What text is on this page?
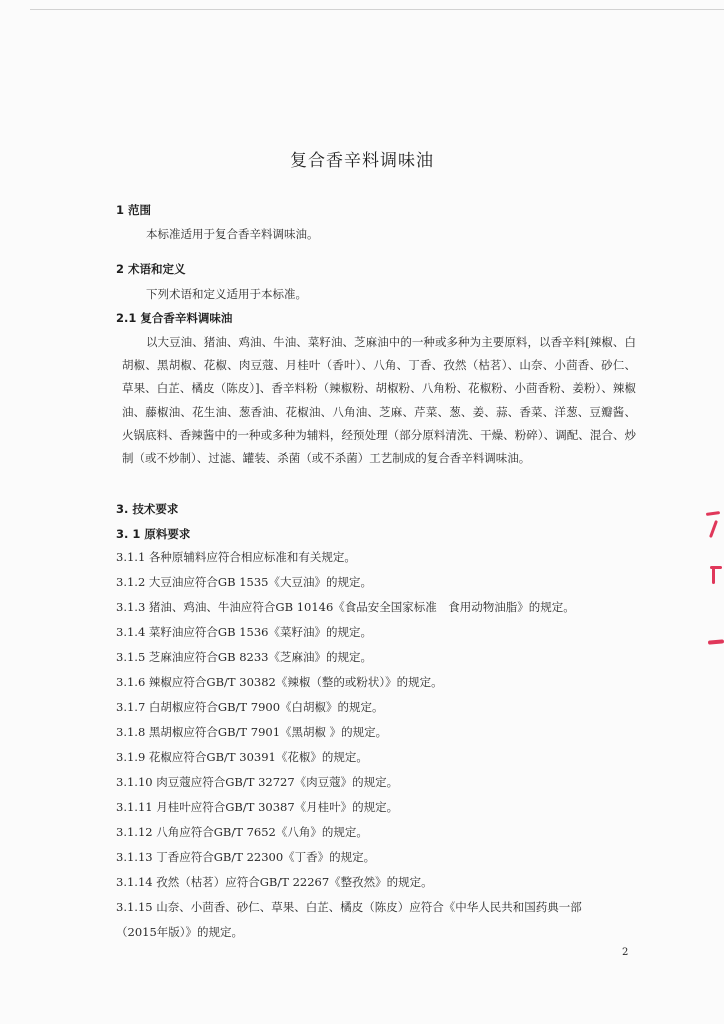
复合香辛料调味油
1 范围
本标准适用于复合香辛料调味油。
2 术语和定义
下列术语和定义适用于本标准。
2.1 复合香辛料调味油
以大豆油、猪油、鸡油、牛油、菜籽油、芝麻油中的一种或多种为主要原料，以香辛料[辣椒、白胡椒、黑胡椒、花椒、肉豆蔻、月桂叶（香叶）、八角、丁香、孜然（枯茗）、山奈、小茴香、砂仁、草果、白芷、橘皮（陈皮）]、香辛料粉（辣椒粉、胡椒粉、八角粉、花椒粉、小茴香粉、姜粉）、辣椒油、藤椒油、花生油、葱香油、花椒油、八角油、芝麻、芹菜、葱、姜、蒜、香菜、洋葱、豆瓣酱、火锅底料、香辣酱中的一种或多种为辅料，经预处理（部分原料清洗、干燥、粉碎）、调配、混合、炒制（或不炒制）、过滤、罐装、杀菌（或不杀菌）工艺制成的复合香辛料调味油。
3. 技术要求
3. 1 原料要求
3.1.1 各种原辅料应符合相应标准和有关规定。
3.1.2 大豆油应符合GB 1535《大豆油》的规定。
3.1.3 猪油、鸡油、牛油应符合GB 10146《食品安全国家标准　食用动物油脂》的规定。
3.1.4 菜籽油应符合GB 1536《菜籽油》的规定。
3.1.5 芝麻油应符合GB 8233《芝麻油》的规定。
3.1.6 辣椒应符合GB/T 30382《辣椒（整的或粉状）》的规定。
3.1.7 白胡椒应符合GB/T 7900《白胡椒》的规定。
3.1.8 黑胡椒应符合GB/T 7901《黑胡椒 》的规定。
3.1.9 花椒应符合GB/T 30391《花椒》的规定。
3.1.10 肉豆蔻应符合GB/T 32727《肉豆蔻》的规定。
3.1.11 月桂叶应符合GB/T 30387《月桂叶》的规定。
3.1.12 八角应符合GB/T 7652《八角》的规定。
3.1.13 丁香应符合GB/T 22300《丁香》的规定。
3.1.14 孜然（枯茗）应符合GB/T 22267《整孜然》的规定。
3.1.15 山奈、小茴香、砂仁、草果、白芷、橘皮（陈皮）应符合《中华人民共和国药典一部
（2015年版）》的规定。
2
